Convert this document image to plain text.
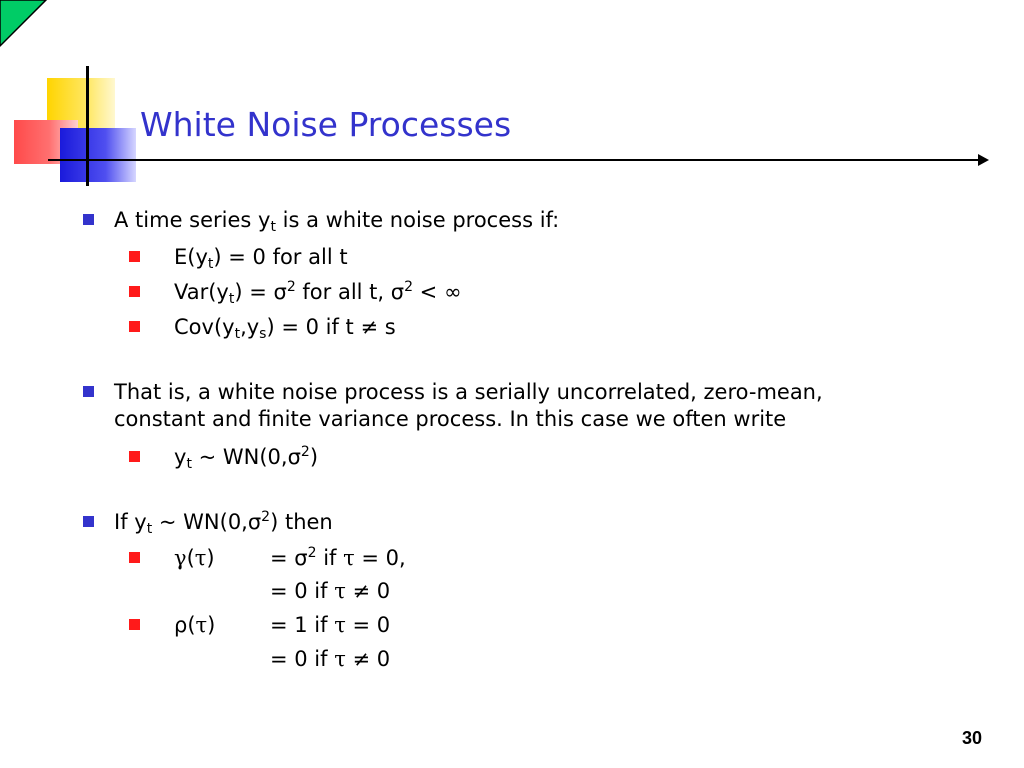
White Noise Processes
A time series $y_t$ is a white noise process if:
$E(y_t) = 0$ for all t
$Var(y_t) = \sigma^2$ for all t, $\sigma^2$ < ∞
$Cov(y_t,y_s) = 0$ if t ≠ s
That is, a white noise process is a serially uncorrelated, zero-mean,
constant and finite variance process. In this case we often write
$y_t$ ~ $WN(0,\sigma^2)$
If $y_t$ ~ $WN(0,\sigma^2)$ then
γ(τ)	= $\sigma^2$ if τ = 0,
= 0 if τ ≠ 0
ρ(τ)	= 1 if τ = 0
= 0 if τ ≠ 0
30
